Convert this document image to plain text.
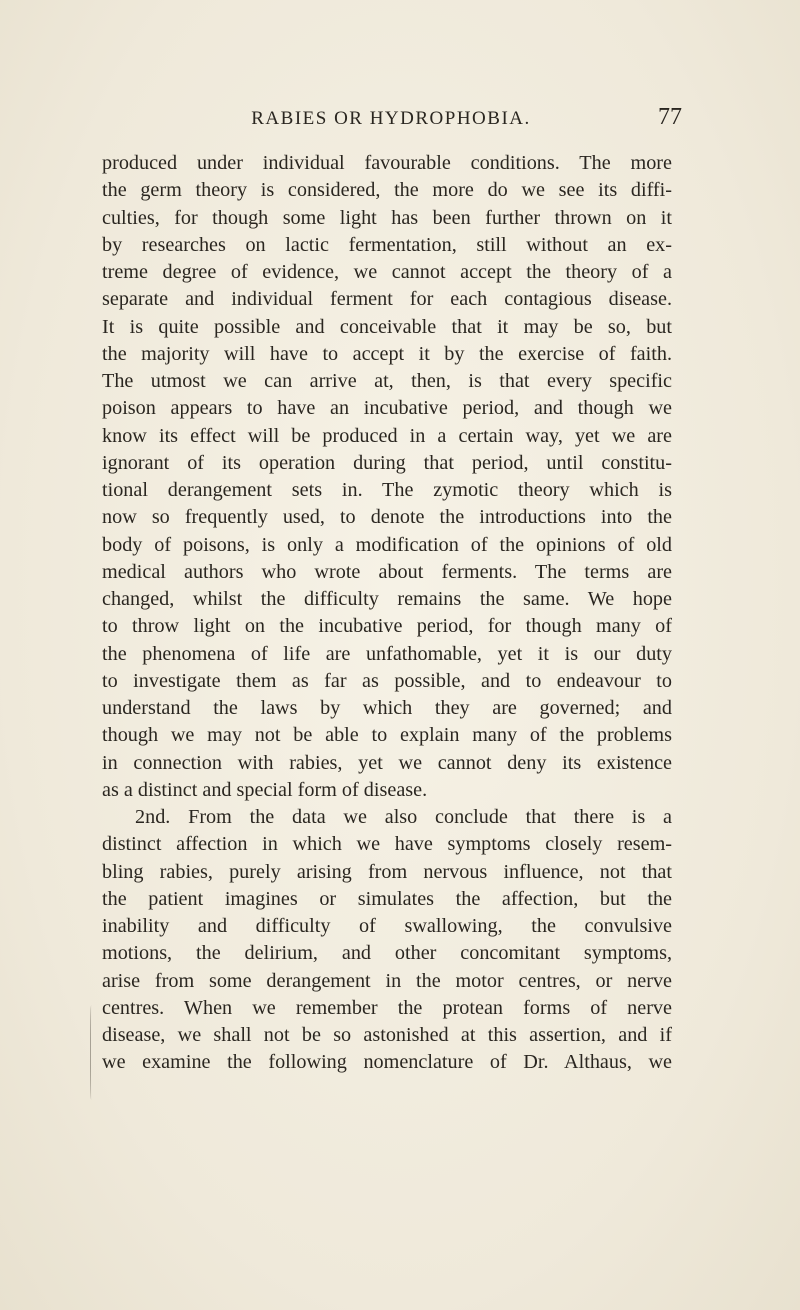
RABIES OR HYDROPHOBIA.	77
produced under individual favourable conditions. The more
the germ theory is considered, the more do we see its diffi-
culties, for though some light has been further thrown on it
by researches on lactic fermentation, still without an ex-
treme degree of evidence, we cannot accept the theory of a
separate and individual ferment for each contagious disease.
It is quite possible and conceivable that it may be so, but
the majority will have to accept it by the exercise of faith.
The utmost we can arrive at, then, is that every specific
poison appears to have an incubative period, and though we
know its effect will be produced in a certain way, yet we are
ignorant of its operation during that period, until constitu-
tional derangement sets in. The zymotic theory which is
now so frequently used, to denote the introductions into the
body of poisons, is only a modification of the opinions of old
medical authors who wrote about ferments. The terms are
changed, whilst the difficulty remains the same. We hope
to throw light on the incubative period, for though many of
the phenomena of life are unfathomable, yet it is our duty
to investigate them as far as possible, and to endeavour to
understand the laws by which they are governed; and
though we may not be able to explain many of the problems
in connection with rabies, yet we cannot deny its existence
as a distinct and special form of disease.
2nd. From the data we also conclude that there is a
distinct affection in which we have symptoms closely resem-
bling rabies, purely arising from nervous influence, not that
the patient imagines or simulates the affection, but the
inability and difficulty of swallowing, the convulsive
motions, the delirium, and other concomitant symptoms,
arise from some derangement in the motor centres, or nerve
centres. When we remember the protean forms of nerve
disease, we shall not be so astonished at this assertion, and if
we examine the following nomenclature of Dr. Althaus, we
